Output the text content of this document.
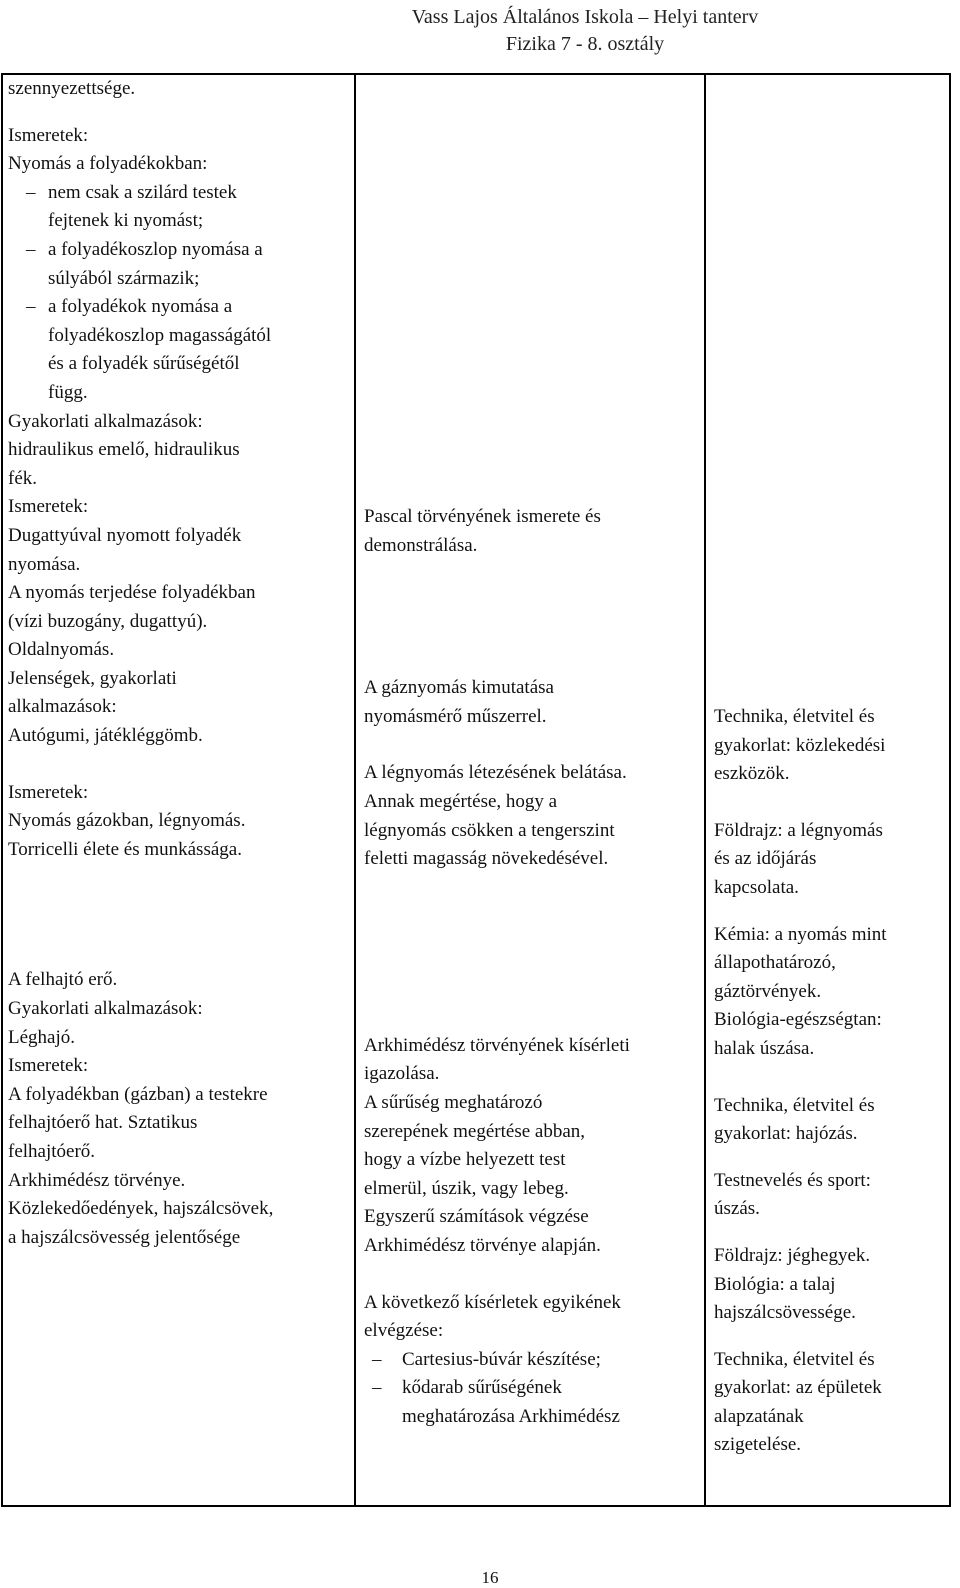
Vass Lajos Általános Iskola – Helyi tanterv
Fizika 7 - 8. osztály

szennyezettsége.

Ismeretek:

Nyomás a folyadékokban:

– nem csak a szilárd testek

fejtenek ki nyomást;

– a folyadékoszlop nyomása a

súlyából származik;

– a folyadékok nyomása a

folyadékoszlop magasságától

és a folyadék sűrűségétől

függ.

Gyakorlati alkalmazások:

hidraulikus emelő, hidraulikus

fék.

Ismeretek:

Dugattyúval nyomott folyadék

nyomása.

A nyomás terjedése folyadékban

(vízi buzogány, dugattyú).

Oldalnyomás.

Jelenségek, gyakorlati

alkalmazások:

Autógumi, játékléggömb.

Ismeretek:

Nyomás gázokban, légnyomás.

Torricelli élete és munkássága.

A felhajtó erő.

Gyakorlati alkalmazások:

Léghajó.

Ismeretek:

A folyadékban (gázban) a testekre

felhajtóerő hat. Sztatikus

felhajtóerő.

Arkhimédész törvénye.

Közlekedőedények, hajszálcsövek,

a hajszálcsövesség jelentősége

Pascal törvényének ismerete és

demonstrálása.

A gáznyomás kimutatása

nyomásmérő műszerrel.

A légnyomás létezésének belátása.

Annak megértése, hogy a

légnyomás csökken a tengerszint

feletti magasság növekedésével.

Arkhimédész törvényének kísérleti

igazolása.

A sűrűség meghatározó

szerepének megértése abban,

hogy a vízbe helyezett test

elmerül, úszik, vagy lebeg.

Egyszerű számítások végzése

Arkhimédész törvénye alapján.

A következő kísérletek egyikének

elvégzése:

– Cartesius-búvár készítése;

– kődarab sűrűségének

meghatározása Arkhimédész

Technika, életvitel és

gyakorlat: közlekedési

eszközök.

Földrajz: a légnyomás

és az időjárás

kapcsolata.

Kémia: a nyomás mint

állapothatározó,

gáztörvények.

Biológia-egészségtan:

halak úszása.

Technika, életvitel és

gyakorlat: hajózás.

Testnevelés és sport:

úszás.

Földrajz: jéghegyek.

Biológia: a talaj

hajszálcsövessége.

Technika, életvitel és

gyakorlat: az épületek

alapzatának

szigetelése.

16
